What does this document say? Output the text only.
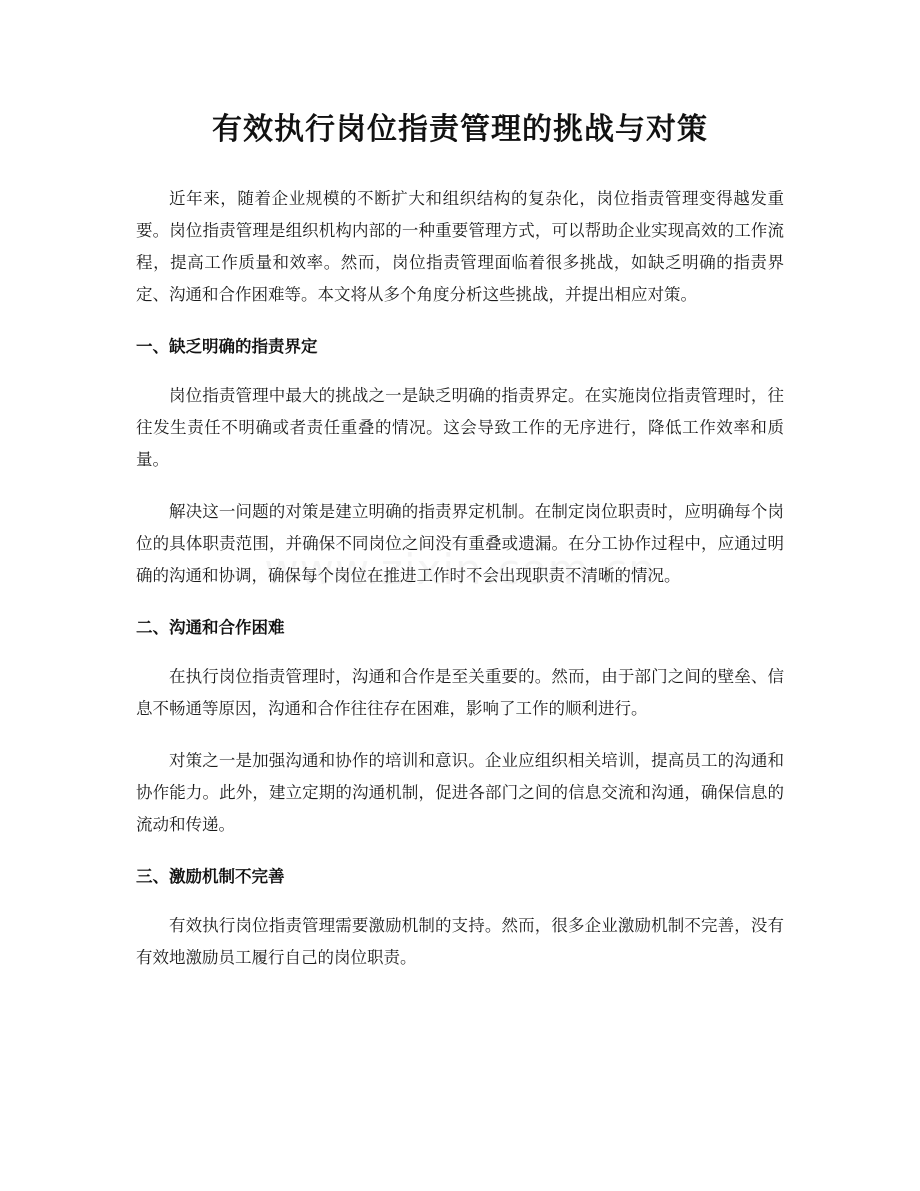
有效执行岗位指责管理的挑战与对策

近年来，随着企业规模的不断扩大和组织结构的复杂化，岗位指责管理变得越发重要。岗位指责管理是组织机构内部的一种重要管理方式，可以帮助企业实现高效的工作流程，提高工作质量和效率。然而，岗位指责管理面临着很多挑战，如缺乏明确的指责界定、沟通和合作困难等。本文将从多个角度分析这些挑战，并提出相应对策。

一、缺乏明确的指责界定

岗位指责管理中最大的挑战之一是缺乏明确的指责界定。在实施岗位指责管理时，往往发生责任不明确或者责任重叠的情况。这会导致工作的无序进行，降低工作效率和质量。

解决这一问题的对策是建立明确的指责界定机制。在制定岗位职责时，应明确每个岗位的具体职责范围，并确保不同岗位之间没有重叠或遗漏。在分工协作过程中，应通过明确的沟通和协调，确保每个岗位在推进工作时不会出现职责不清晰的情况。

二、沟通和合作困难

在执行岗位指责管理时，沟通和合作是至关重要的。然而，由于部门之间的壁垒、信息不畅通等原因，沟通和合作往往存在困难，影响了工作的顺利进行。

对策之一是加强沟通和协作的培训和意识。企业应组织相关培训，提高员工的沟通和协作能力。此外，建立定期的沟通机制，促进各部门之间的信息交流和沟通，确保信息的流动和传递。

三、激励机制不完善

有效执行岗位指责管理需要激励机制的支持。然而，很多企业激励机制不完善，没有有效地激励员工履行自己的岗位职责。
